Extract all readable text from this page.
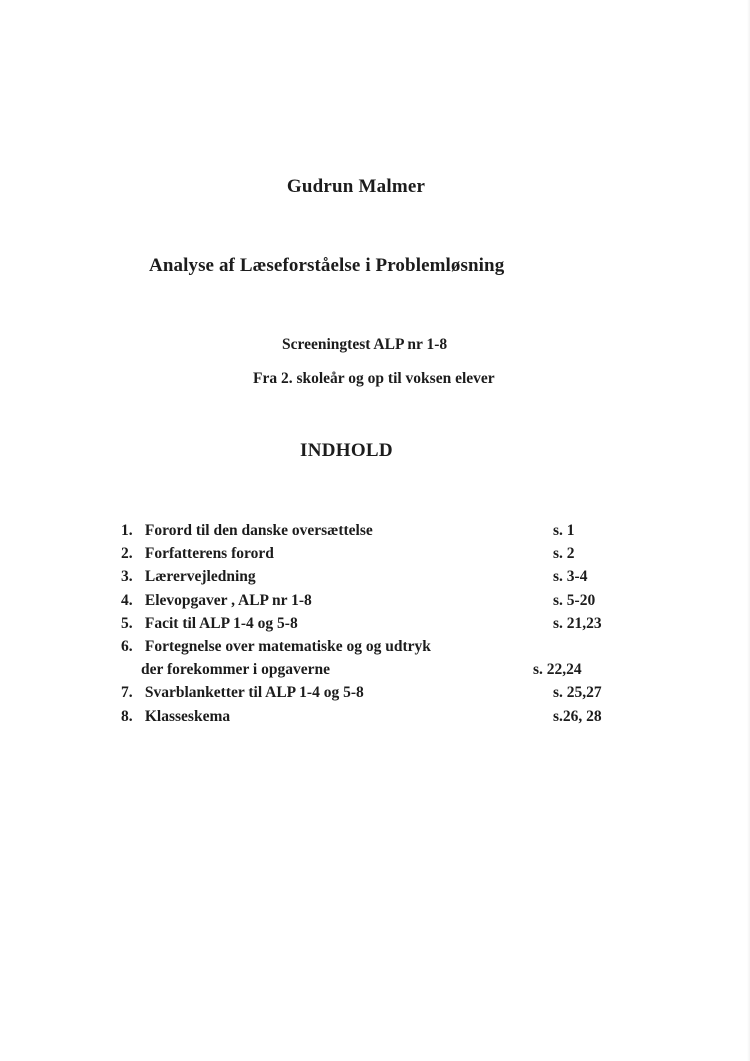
Gudrun Malmer
Analyse af Læseforståelse i Problemløsning
Screeningtest ALP nr 1-8
Fra 2. skoleår og op til voksen elever
INDHOLD
1. Forord til den danske oversættelse	s. 1
2. Forfatterens forord	s. 2
3. Lærervejledning	s. 3-4
4. Elevopgaver , ALP nr 1-8	s. 5-20
5. Facit til ALP 1-4 og 5-8	s. 21,23
6. Fortegnelse over matematiske og og udtryk
der forekommer i opgaverne	s. 22,24
7. Svarblanketter til ALP 1-4 og 5-8	s. 25,27
8. Klasseskema	s.26, 28
